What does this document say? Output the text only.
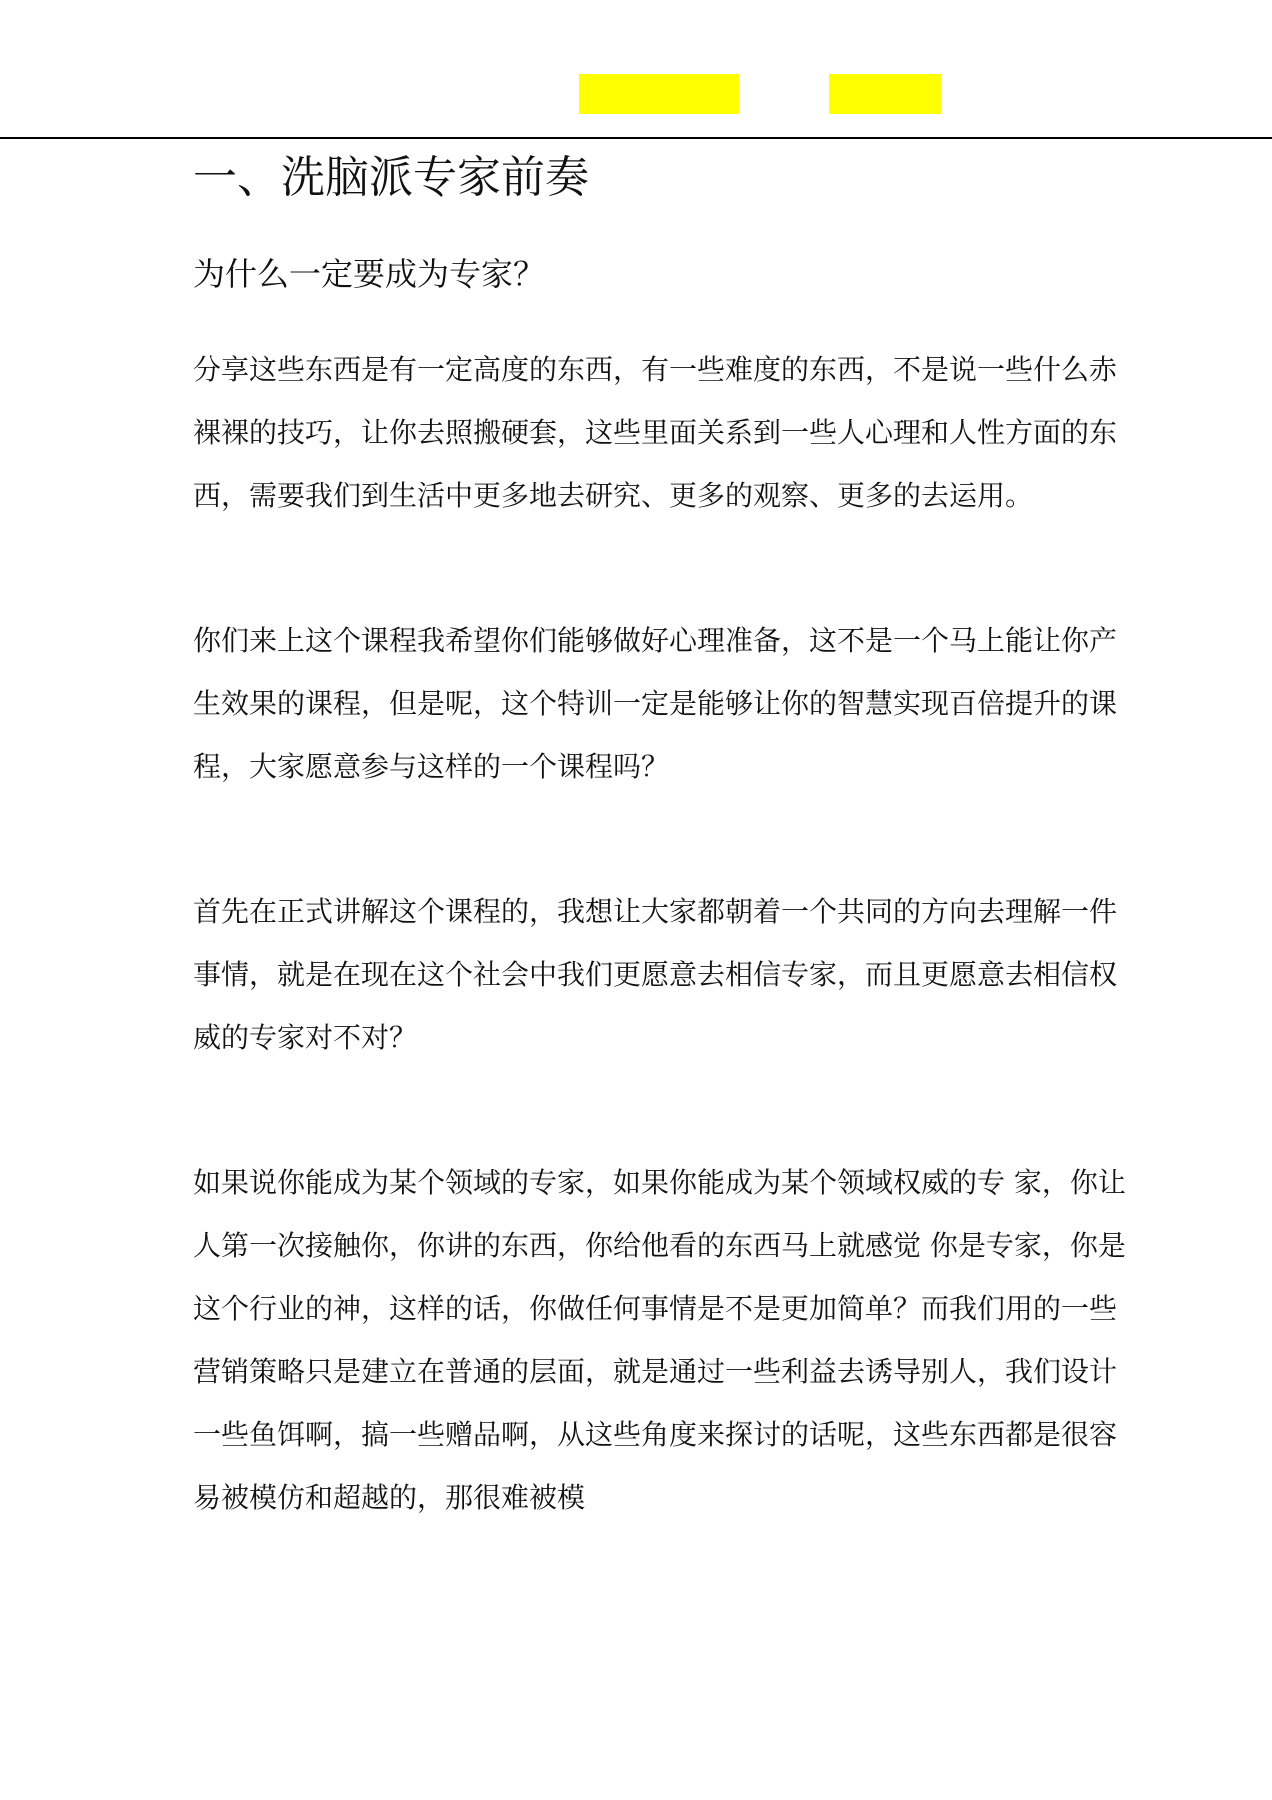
一、洗脑派专家前奏
为什么一定要成为专家？

分享这些东西是有一定高度的东西，有一些难度的东西，不是说一些什么赤裸裸的技巧，让你去照搬硬套，这些里面关系到一些人心理和人性方面的东西，需要我们到生活中更多地去研究、更多的观察、更多的去运用。

你们来上这个课程我希望你们能够做好心理准备，这不是一个马上能让你产生效果的课程，但是呢，这个特训一定是能够让你的智慧实现百倍提升的课程，大家愿意参与这样的一个课程吗？

首先在正式讲解这个课程的，我想让大家都朝着一个共同的方向去理解一件事情，就是在现在这个社会中我们更愿意去相信专家，而且更愿意去相信权威的专家对不对？

如果说你能成为某个领域的专家，如果你能成为某个领域权威的专 家，你让人第一次接触你，你讲的东西，你给他看的东西马上就感觉 你是专家，你是这个行业的神，这样的话，你做任何事情是不是更加简单？而我们用的一些营销策略只是建立在普通的层面，就是通过一些利益去诱导别人，我们设计一些鱼饵啊，搞一些赠品啊，从这些角度来探讨的话呢，这些东西都是很容易被模仿和超越的，那很难被模
